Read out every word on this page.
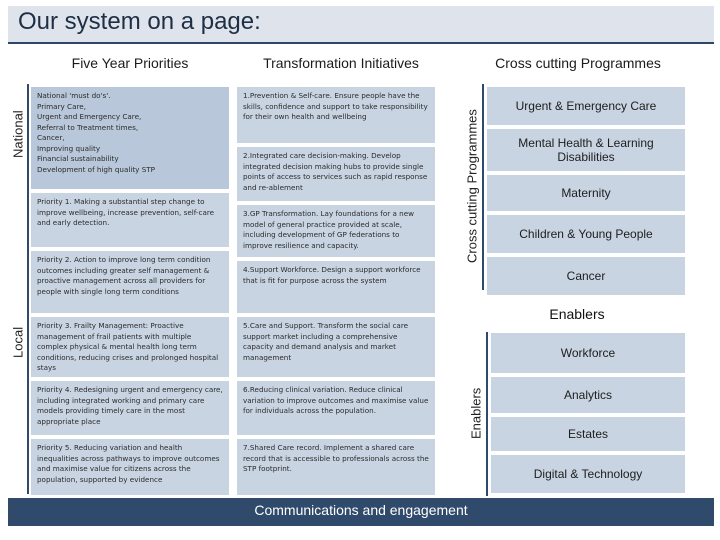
Our system on a page:
Five Year Priorities	Transformation Initiatives	Cross cutting Programmes
National
Local
National 'must do's'.
Primary Care,
Urgent and Emergency Care,
Referral to Treatment times,
Cancer,
Improving quality
Financial sustainability
Development of high quality STP
Priority 1. Making a substantial step change to improve wellbeing, increase prevention, self-care and early detection.
Priority 2. Action to improve long term condition outcomes including greater self management & proactive management across all providers for people with single long term conditions
Priority 3. Frailty Management: Proactive management of frail patients with multiple complex physical & mental health long term conditions, reducing crises and prolonged hospital stays
Priority 4. Redesigning urgent and emergency care, including integrated working and primary care models providing timely care in the most appropriate place
Priority 5. Reducing variation and health inequalities across pathways to improve outcomes and maximise value for citizens across the population, supported by evidence
1.Prevention & Self-care. Ensure people have the skills, confidence and support to take responsibility for their own health and wellbeing
2.Integrated care decision-making. Develop integrated decision making hubs to provide single points of access to services such as rapid response and re-ablement
3.GP Transformation. Lay foundations for a new model of general practice provided at scale, including development of GP federations to improve resilience and capacity.
4.Support Workforce. Design a support workforce that is fit for purpose across the system
5.Care and Support. Transform the social care support market including a comprehensive capacity and demand analysis and market management
6.Reducing clinical variation. Reduce clinical variation to improve outcomes and maximise value for individuals across the population.
7.Shared Care record. Implement a shared care record that is accessible to professionals across the STP footprint.
Cross cutting Programmes
Urgent & Emergency Care
Mental Health & Learning Disabilities
Maternity
Children & Young People
Cancer
Enablers
Enablers
Workforce
Analytics
Estates
Digital & Technology
Communications and engagement
